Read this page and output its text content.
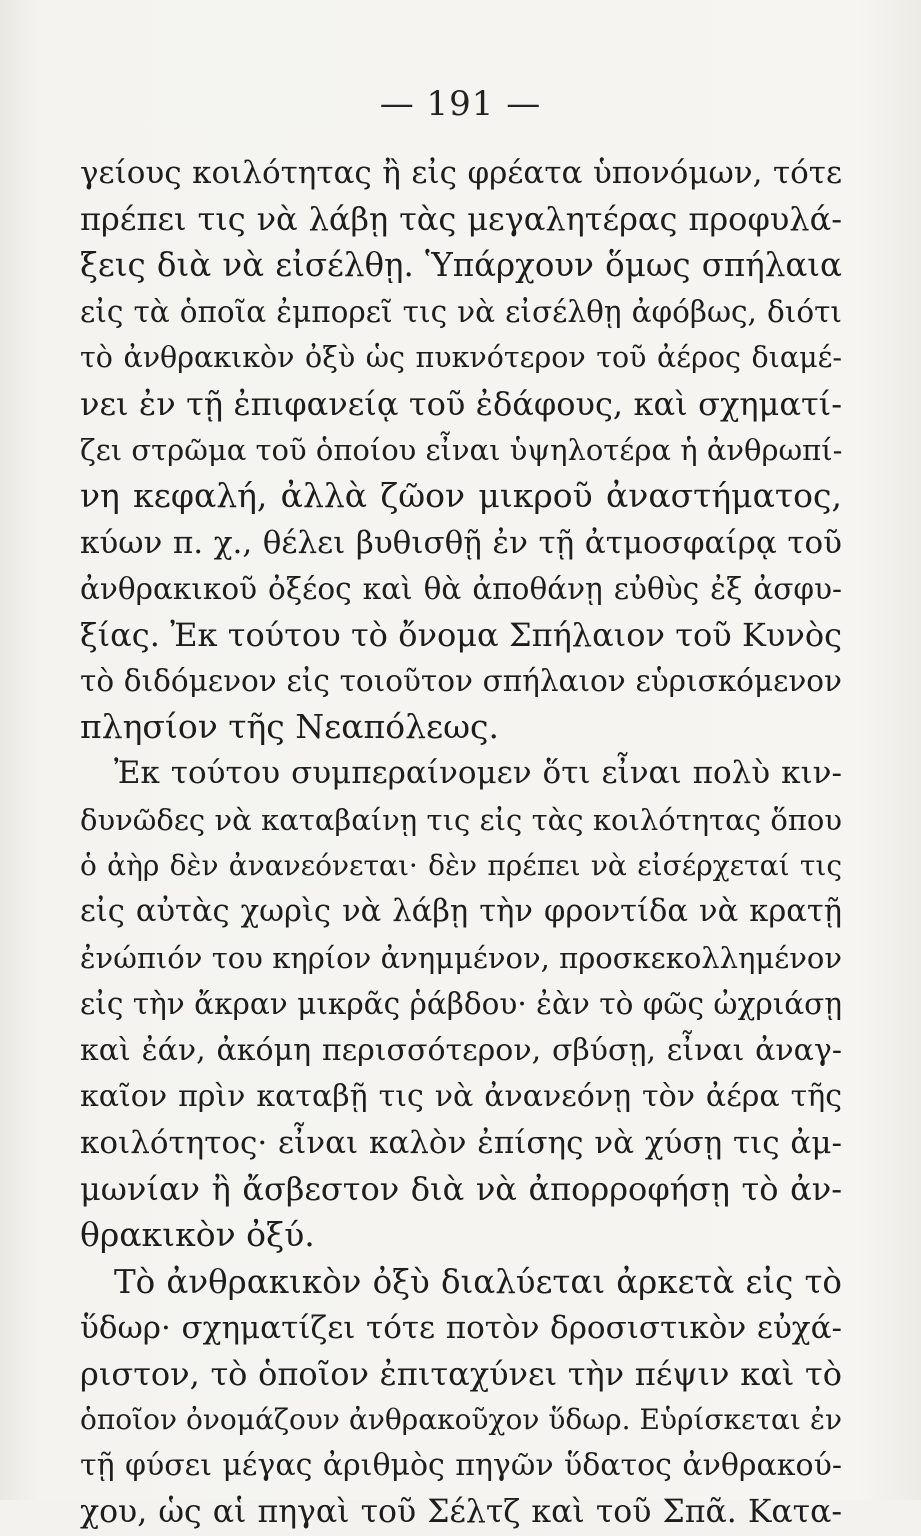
— 191 —
γείους κοιλότητας ἢ εἰς φρέατα ὑπονόμων, τότε
πρέπει τις νὰ λάβῃ τὰς μεγαλητέρας προφυλά-
ξεις διὰ νὰ εἰσέλθῃ. Ὑπάρχουν ὅμως σπήλαια
εἰς τὰ ὁποῖα ἐμπορεῖ τις νὰ εἰσέλθῃ ἀφόβως, διότι
τὸ ἀνθρακικὸν ὀξὺ ὡς πυκνότερον τοῦ ἀέρος διαμέ-
νει ἐν τῇ ἐπιφανείᾳ τοῦ ἐδάφους, καὶ σχηματί-
ζει στρῶμα τοῦ ὁποίου εἶναι ὑψηλοτέρα ἡ ἀνθρωπί-
νη κεφαλή, ἀλλὰ ζῶον μικροῦ ἀναστήματος,
κύων π. χ., θέλει βυθισθῇ ἐν τῇ ἀτμοσφαίρᾳ τοῦ
ἀνθρακικοῦ ὀξέος καὶ θὰ ἀποθάνῃ εὐθὺς ἐξ ἀσφυ-
ξίας. Ἐκ τούτου τὸ ὄνομα Σπήλαιον τοῦ Κυνὸς
τὸ διδόμενον εἰς τοιοῦτον σπήλαιον εὑρισκόμενον
πλησίον τῆς Νεαπόλεως.
Ἐκ τούτου συμπεραίνομεν ὅτι εἶναι πολὺ κιν-
δυνῶδες νὰ καταβαίνῃ τις εἰς τὰς κοιλότητας ὅπου
ὁ ἀὴρ δὲν ἀνανεόνεται· δὲν πρέπει νὰ εἰσέρχεταί τις
εἰς αὐτὰς χωρὶς νὰ λάβῃ τὴν φροντίδα νὰ κρατῇ
ἐνώπιόν του κηρίον ἀνημμένον, προσκεκολλημένον
εἰς τὴν ἄκραν μικρᾶς ῥάβδου· ἐὰν τὸ φῶς ὠχριάσῃ
καὶ ἐάν, ἀκόμη περισσότερον, σβύσῃ, εἶναι ἀναγ-
καῖον πρὶν καταβῇ τις νὰ ἀνανεόνῃ τὸν ἀέρα τῆς
κοιλότητος· εἶναι καλὸν ἐπίσης νὰ χύσῃ τις ἀμ-
μωνίαν ἢ ἄσβεστον διὰ νὰ ἀπορροφήσῃ τὸ ἀν-
θρακικὸν ὀξύ.
Τὸ ἀνθρακικὸν ὀξὺ διαλύεται ἀρκετὰ εἰς τὸ
ὕδωρ· σχηματίζει τότε ποτὸν δροσιστικὸν εὐχά-
ριστον, τὸ ὁποῖον ἐπιταχύνει τὴν πέψιν καὶ τὸ
ὁποῖον ὀνομάζουν ἀνθρακοῦχον ὕδωρ. Εὑρίσκεται ἐν
τῇ φύσει μέγας ἀριθμὸς πηγῶν ὕδατος ἀνθρακού-
χου, ὡς αἱ πηγαὶ τοῦ Σέλτζ καὶ τοῦ Σπᾶ. Κατα-
